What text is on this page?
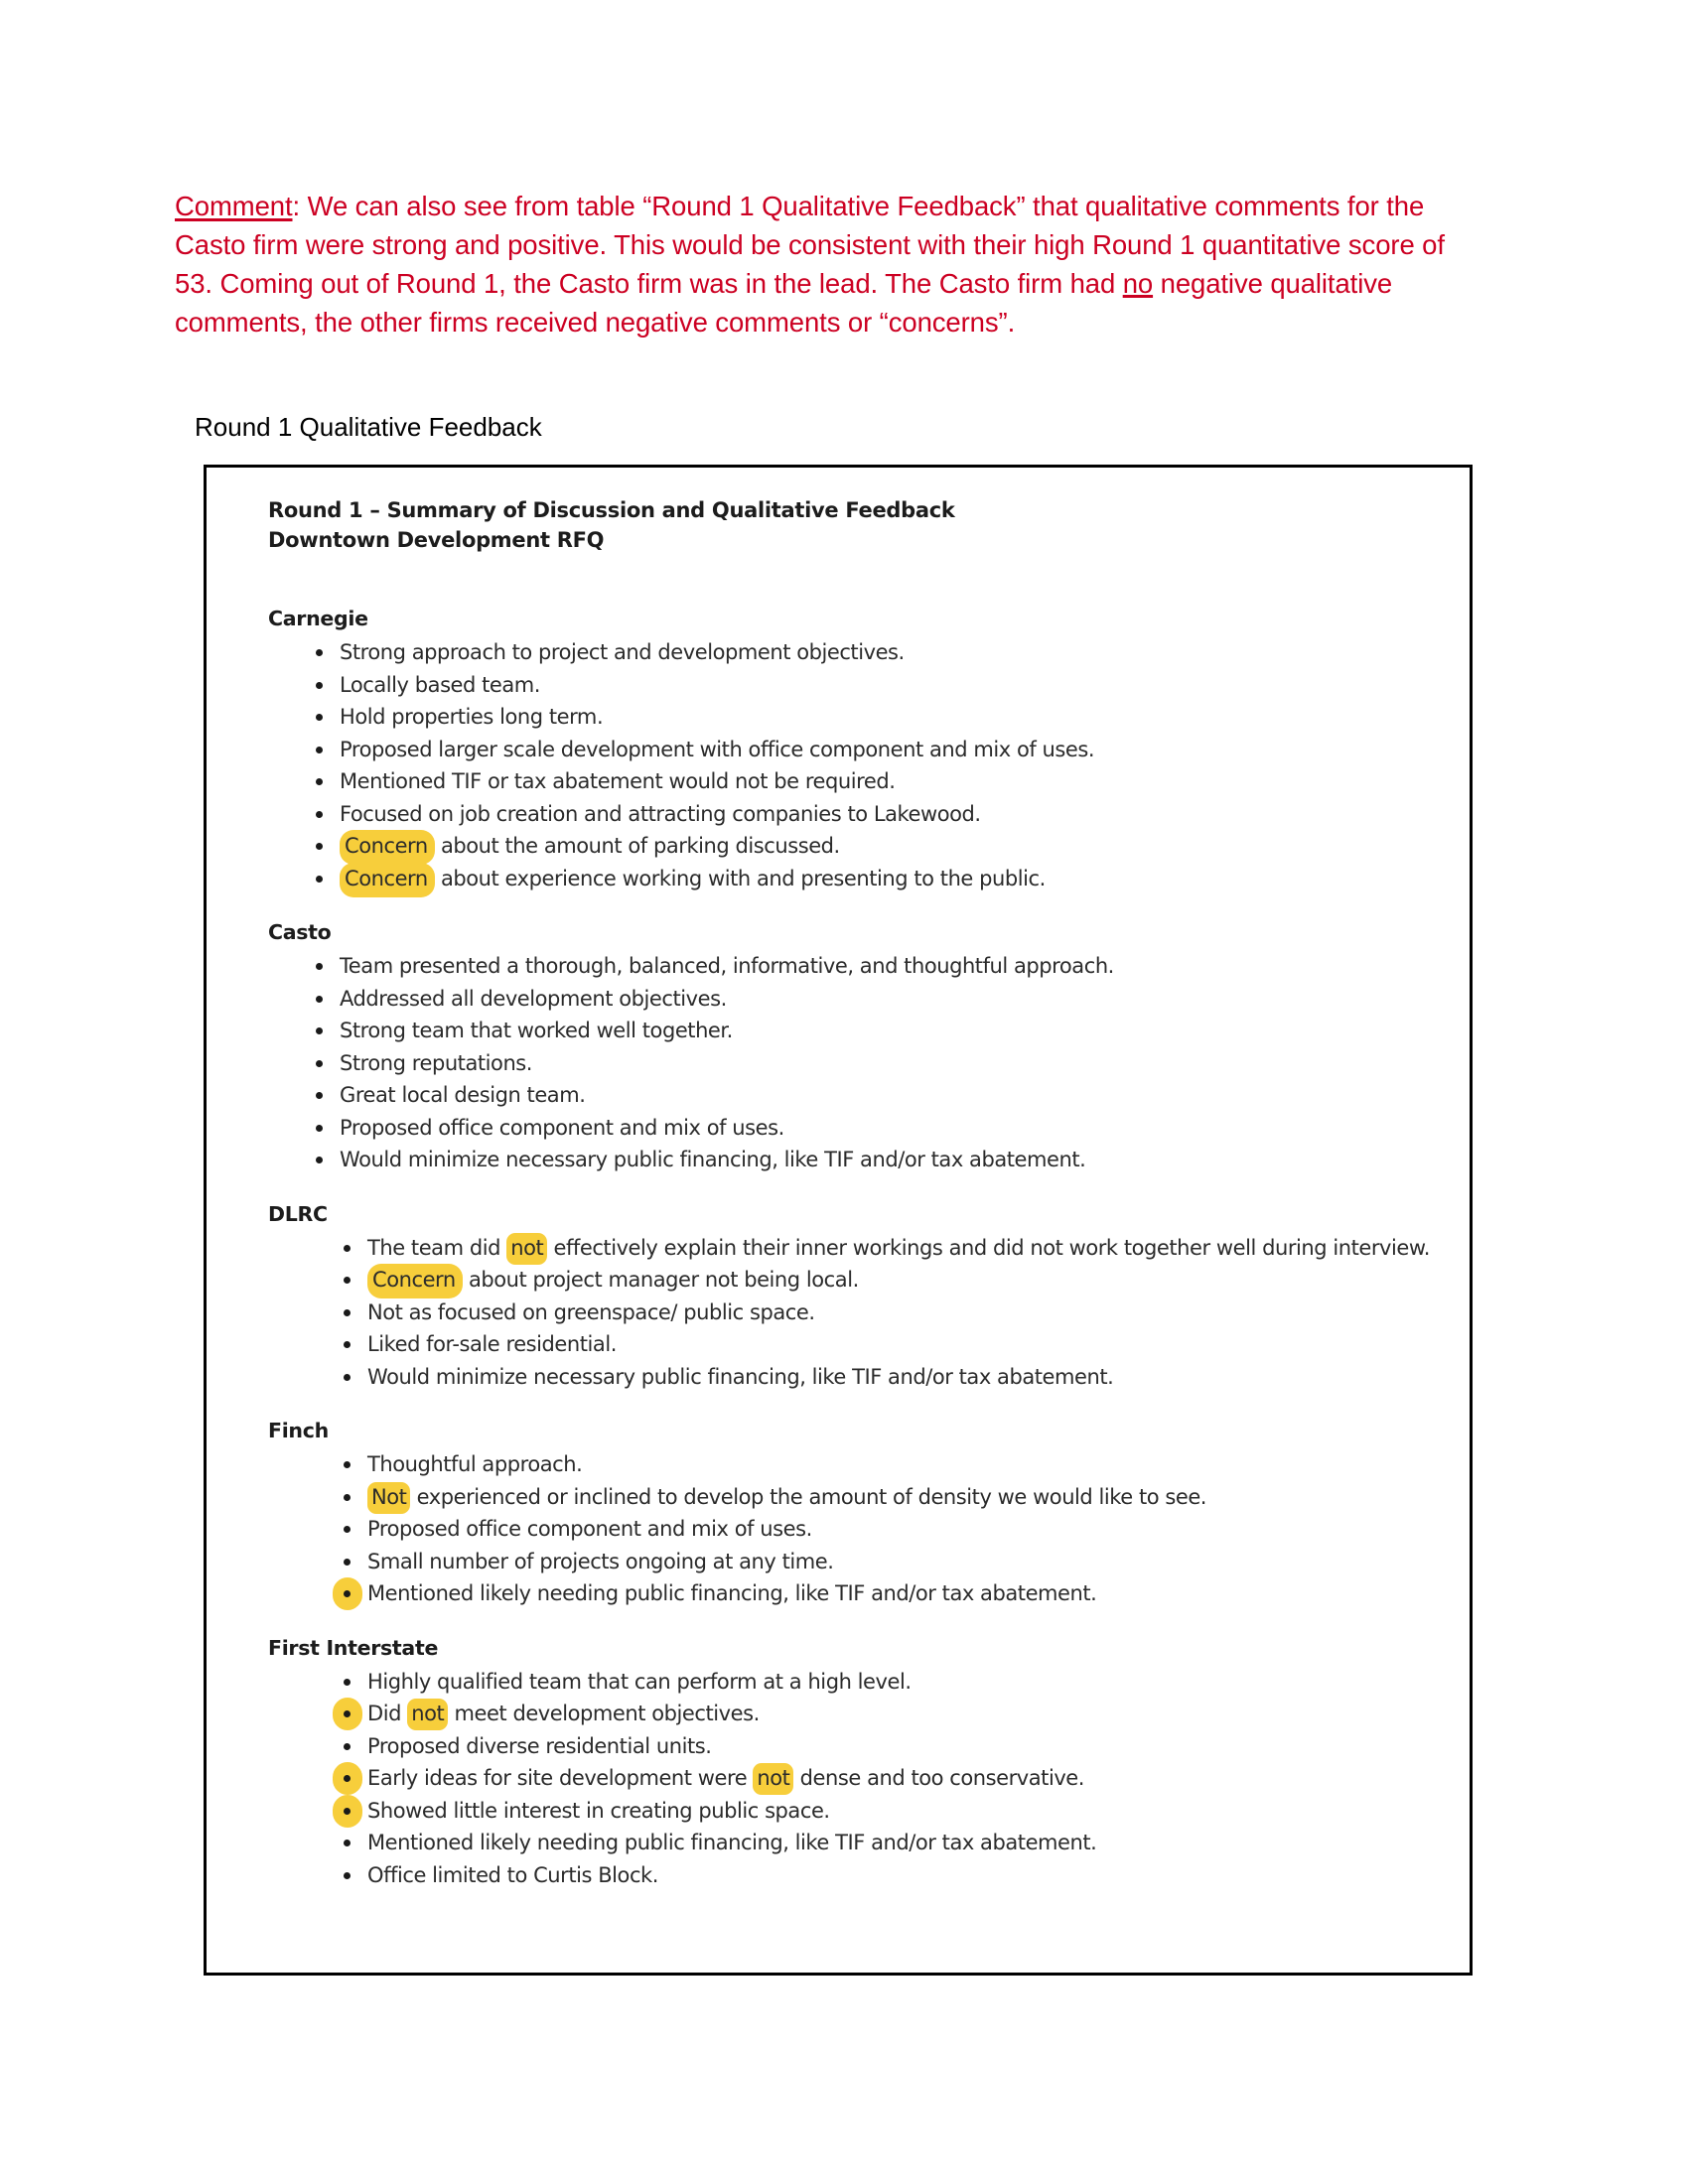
Comment: We can also see from table “Round 1 Qualitative Feedback” that qualitative comments for the Casto firm were strong and positive. This would be consistent with their high Round 1 quantitative score of 53. Coming out of Round 1, the Casto firm was in the lead. The Casto firm had no negative qualitative comments, the other firms received negative comments or “concerns”.
Round 1 Qualitative Feedback
Round 1 – Summary of Discussion and Qualitative Feedback
Downtown Development RFQ
Carnegie
Strong approach to project and development objectives.
Locally based team.
Hold properties long term.
Proposed larger scale development with office component and mix of uses.
Mentioned TIF or tax abatement would not be required.
Focused on job creation and attracting companies to Lakewood.
Concern about the amount of parking discussed.
Concern about experience working with and presenting to the public.
Casto
Team presented a thorough, balanced, informative, and thoughtful approach.
Addressed all development objectives.
Strong team that worked well together.
Strong reputations.
Great local design team.
Proposed office component and mix of uses.
Would minimize necessary public financing, like TIF and/or tax abatement.
DLRC
The team did not effectively explain their inner workings and did not work together well during interview.
Concern about project manager not being local.
Not as focused on greenspace/ public space.
Liked for-sale residential.
Would minimize necessary public financing, like TIF and/or tax abatement.
Finch
Thoughtful approach.
Not experienced or inclined to develop the amount of density we would like to see.
Proposed office component and mix of uses.
Small number of projects ongoing at any time.
Mentioned likely needing public financing, like TIF and/or tax abatement.
First Interstate
Highly qualified team that can perform at a high level.
Did not meet development objectives.
Proposed diverse residential units.
Early ideas for site development were not dense and too conservative.
Showed little interest in creating public space.
Mentioned likely needing public financing, like TIF and/or tax abatement.
Office limited to Curtis Block.
